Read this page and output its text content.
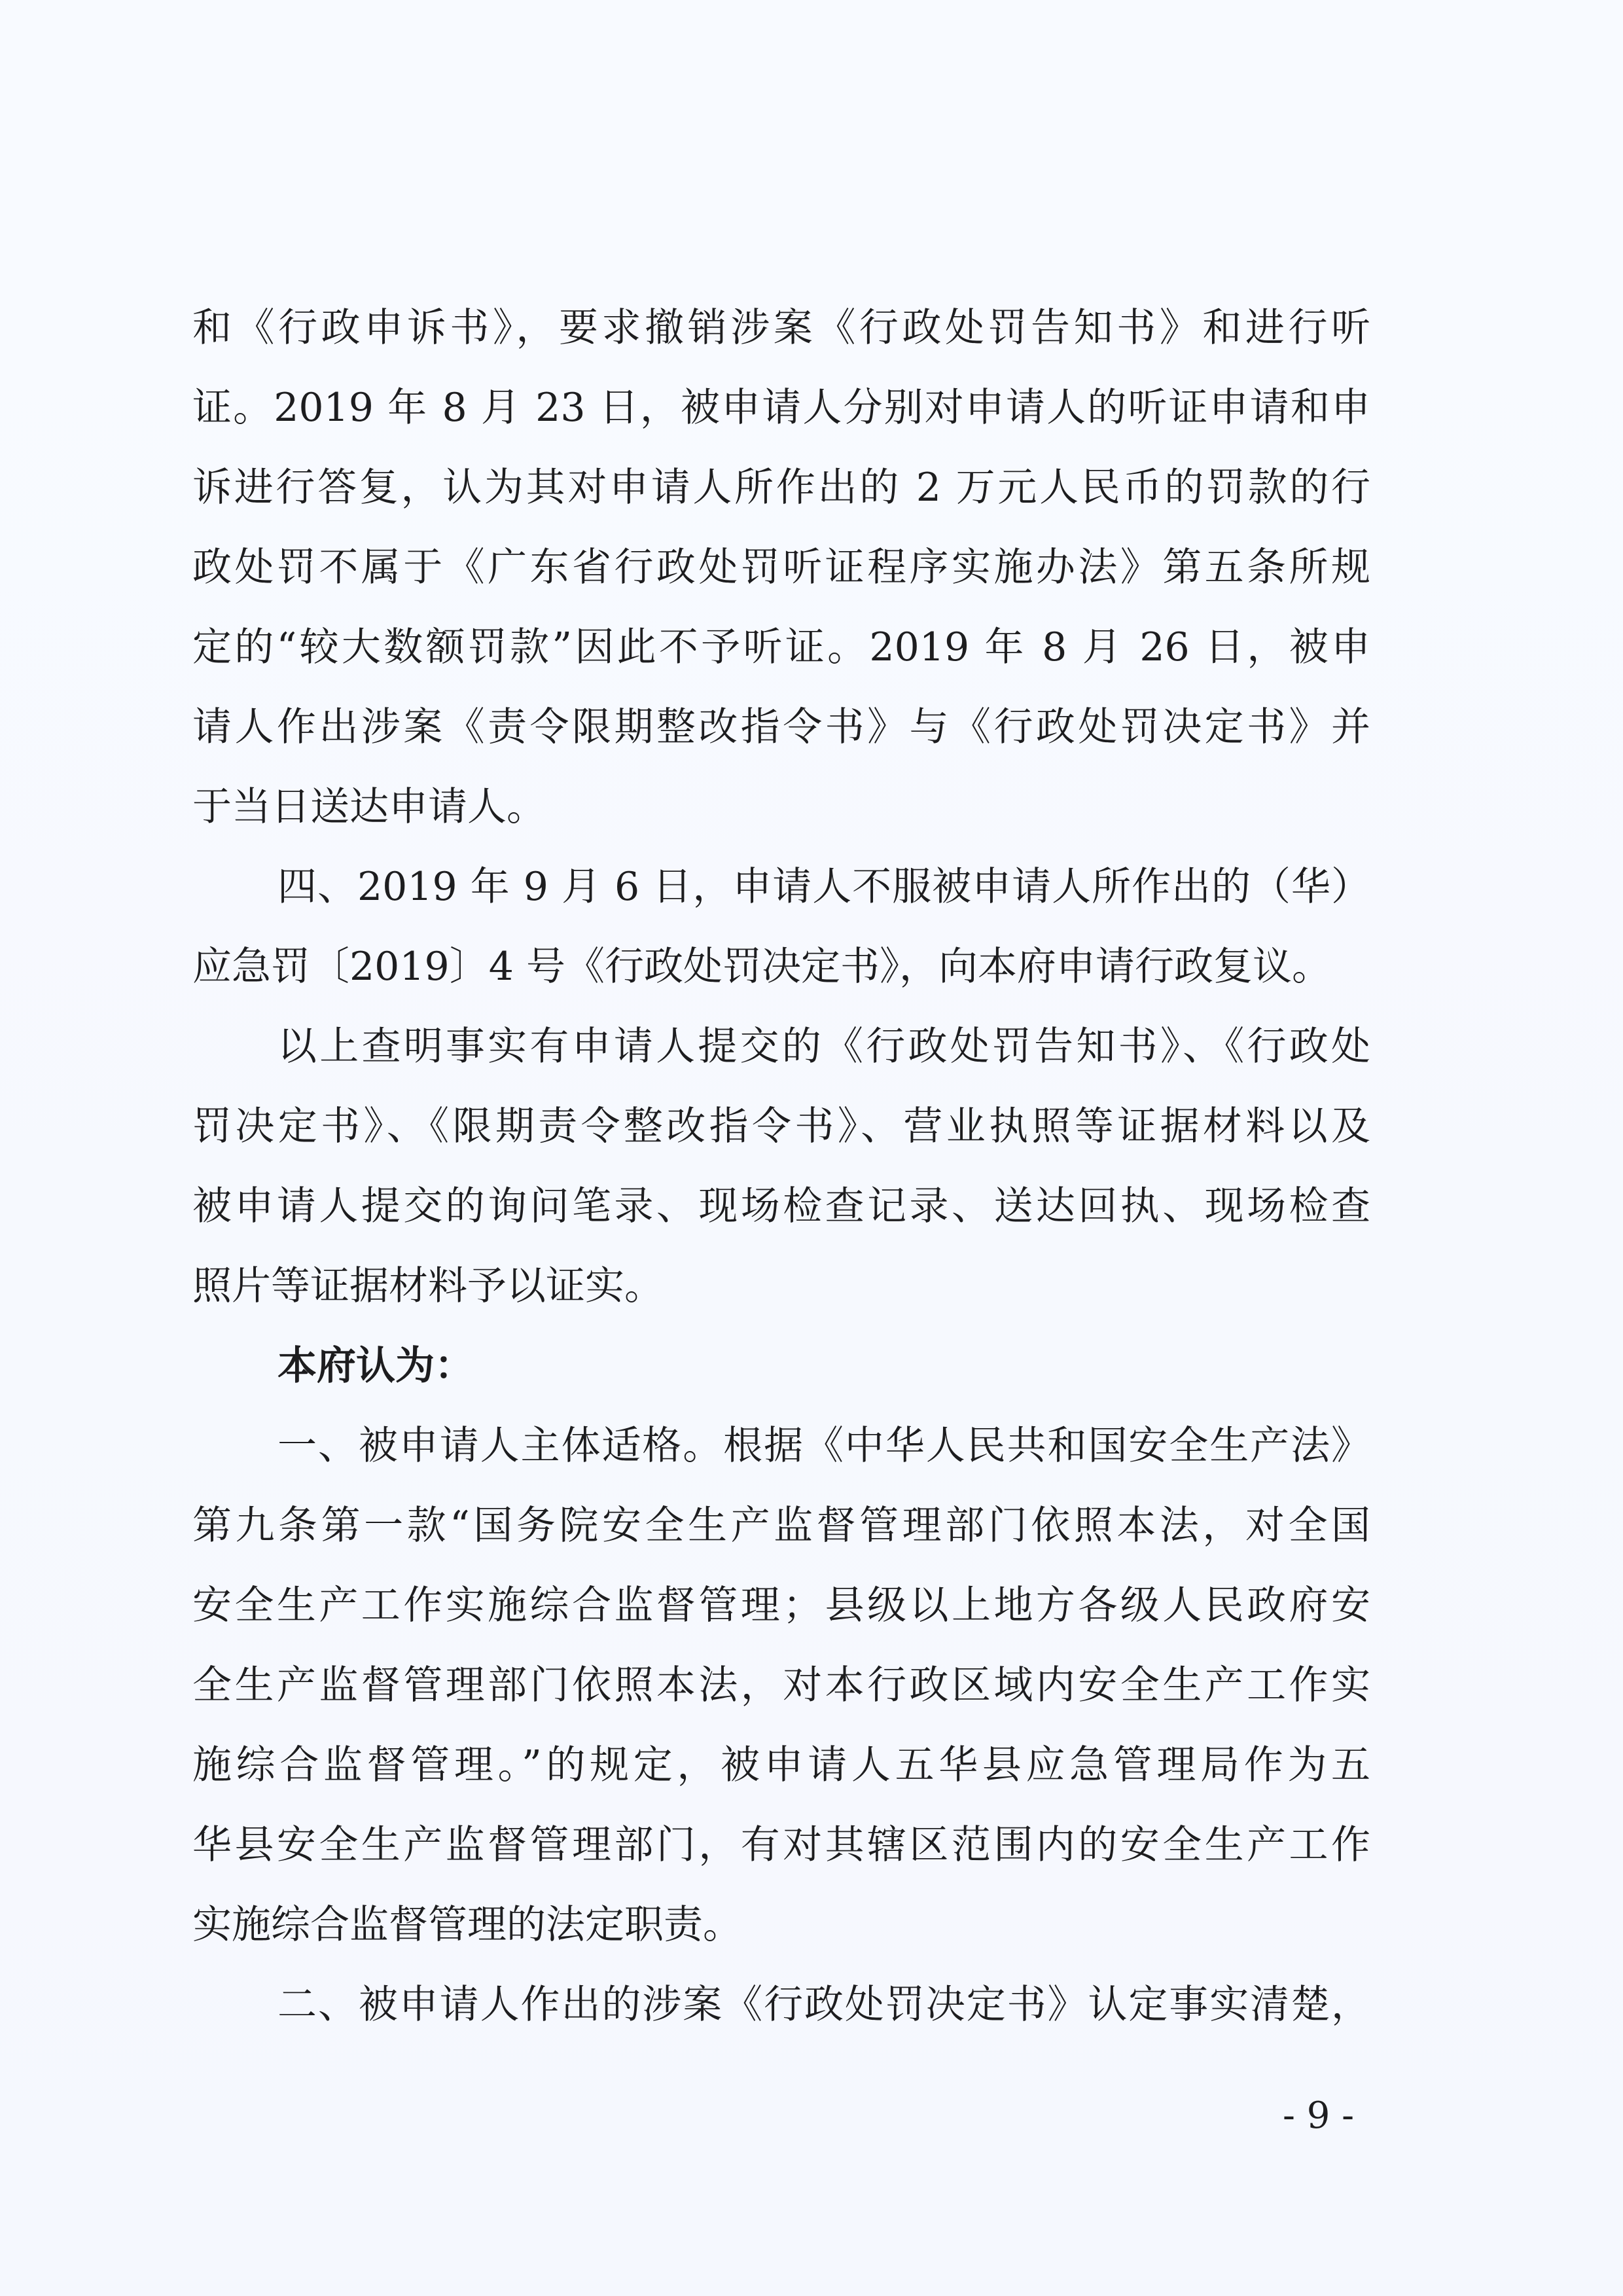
和《行政申诉书》，要求撤销涉案《行政处罚告知书》和进行听
证。2019 年 8 月 23 日，被申请人分别对申请人的听证申请和申
诉进行答复，认为其对申请人所作出的 2 万元人民币的罚款的行
政处罚不属于《广东省行政处罚听证程序实施办法》第五条所规
定的“较大数额罚款”因此不予听证。2019 年 8 月 26 日，被申
请人作出涉案《责令限期整改指令书》与《行政处罚决定书》并
于当日送达申请人。
四、2019 年 9 月 6 日，申请人不服被申请人所作出的（华）
应急罚〔2019〕4 号《行政处罚决定书》，向本府申请行政复议。
以上查明事实有申请人提交的《行政处罚告知书》、《行政处
罚决定书》、《限期责令整改指令书》、营业执照等证据材料以及
被申请人提交的询问笔录、现场检查记录、送达回执、现场检查
照片等证据材料予以证实。
本府认为：
一、被申请人主体适格。根据《中华人民共和国安全生产法》
第九条第一款“国务院安全生产监督管理部门依照本法，对全国
安全生产工作实施综合监督管理；县级以上地方各级人民政府安
全生产监督管理部门依照本法，对本行政区域内安全生产工作实
施综合监督管理。”的规定，被申请人五华县应急管理局作为五
华县安全生产监督管理部门，有对其辖区范围内的安全生产工作
实施综合监督管理的法定职责。
二、被申请人作出的涉案《行政处罚决定书》认定事实清楚，
- 9 -
